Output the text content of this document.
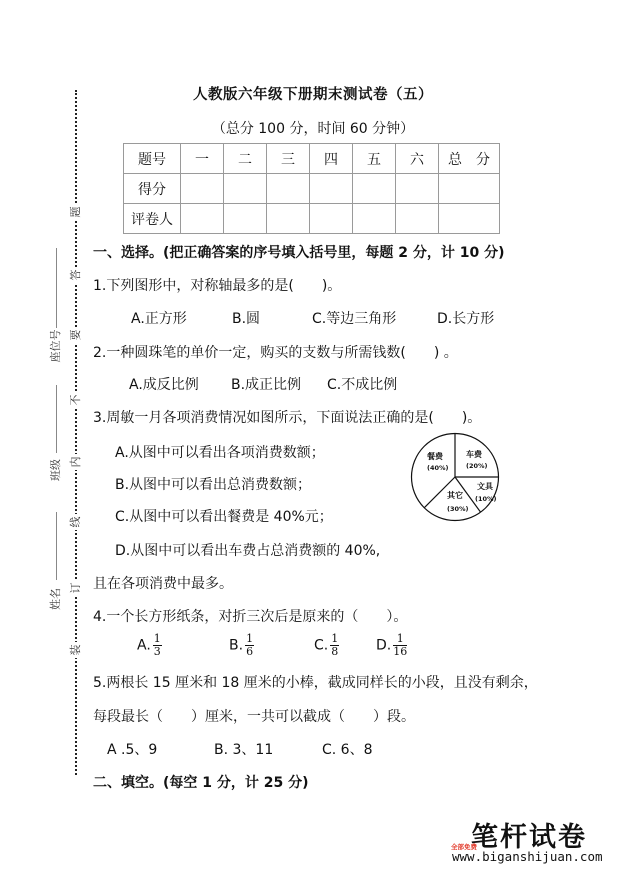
人教版六年级下册期末测试卷（五）
（总分 100 分，时间 60 分钟）
题号	一	二	三	四	五	六	总　分
得分							
评卷人							
题
答
要
不
内
线
订
装
座位号
班级
姓名
一、选择。(把正确答案的序号填入括号里，每题 2 分，计 10 分)
1.下列图形中，对称轴最多的是(　　)。
A.正方形	B.圆	C.等边三角形	D.长方形
2.一种圆珠笔的单价一定，购买的支数与所需钱数(　　) 。
A.成反比例 B.成正比例 C.不成比例
3.周敏一月各项消费情况如图所示，下面说法正确的是(　　)。
A.从图中可以看出各项消费数额；
B.从图中可以看出总消费数额；
C.从图中可以看出餐费是 40%元；
D.从图中可以看出车费占总消费额的 40%,
且在各项消费中最多。
餐费
(40%)
车费
(20%)
文具
(10%)
其它
(30%)
4.一个长方形纸条，对折三次后是原来的（　　）。
A. $\frac{1}{3}$	B. $\frac{1}{6}$	C. $\frac{1}{8}$	D. $\frac{1}{16}$
5.两根长 15 厘米和 18 厘米的小棒，截成同样长的小段，且没有剩余，
每段最长（　　）厘米，一共可以截成（　　）段。
A .5、9	B. 3、11	C. 6、8
二、填空。(每空 1 分，计 25 分)
笔杆试卷
全部免费
www.biganshijuan.com
